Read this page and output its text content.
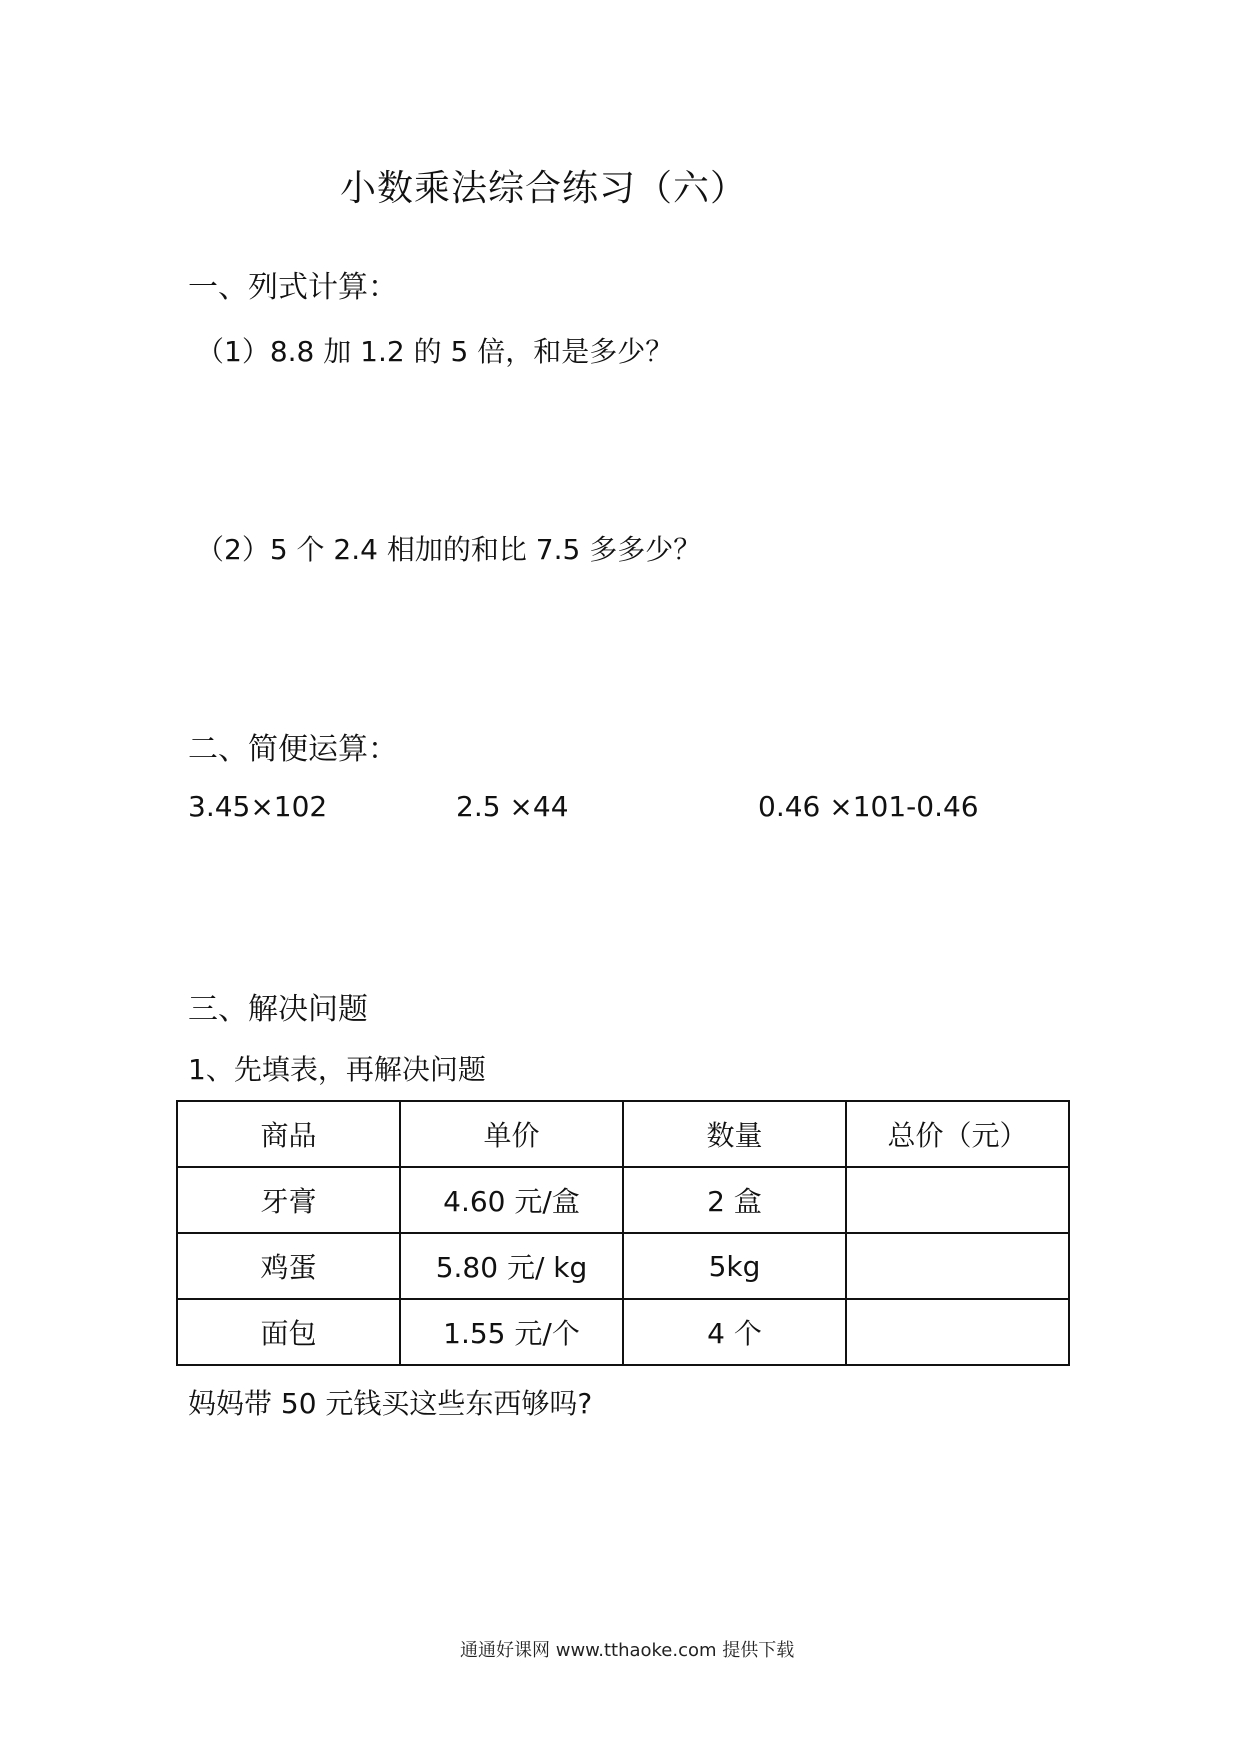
小数乘法综合练习（六）
一、列式计算：
（1）8.8 加 1.2 的 5 倍，和是多少？
（2）5 个 2.4 相加的和比 7.5 多多少？
二、简便运算：
3.45×102	2.5 ×44	0.46 ×101-0.46
三、解决问题
1、先填表，再解决问题
商品	单价	数量	总价（元）
牙膏	4.60 元/盒	2 盒	
鸡蛋	5.80 元/ kg	5kg	
面包	1.55 元/个	4 个	
妈妈带 50 元钱买这些东西够吗?
通通好课网 www.tthaoke.com 提供下载
